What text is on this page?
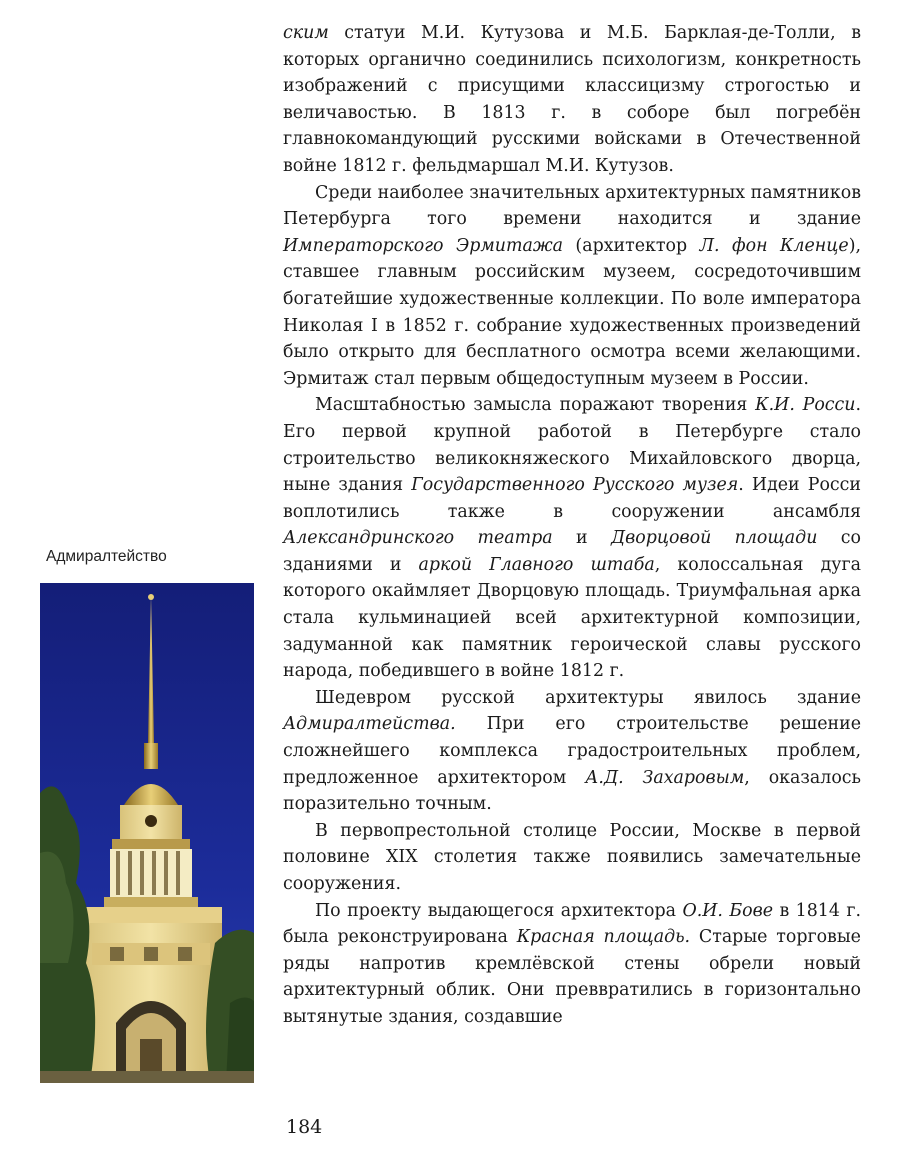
Адмиралтейство

ским статуи М.И. Кутузова и М.Б. Барклая-де-Толли, в которых органично соединились психологизм, конкретность изображений с присущими классицизму строгостью и величавостью. В 1813 г. в соборе был погребён главнокомандующий русскими войсками в Отечественной войне 1812 г. фельдмаршал М.И. Кутузов.

Среди наиболее значительных архитектурных памятников Петербурга того времени находится и здание Императорского Эрмитажа (архитектор Л. фон Кленце), ставшее главным российским музеем, сосредоточившим богатейшие художественные коллекции. По воле императора Николая I в 1852 г. собрание художественных произведений было открыто для бесплатного осмотра всеми желающими. Эрмитаж стал первым общедоступным музеем в России.

Масштабностью замысла поражают творения К.И. Росси. Его первой крупной работой в Петербурге стало строительство великокняжеского Михайловского дворца, ныне здания Государственного Русского музея. Идеи Росси воплотились также в сооружении ансамбля Александринского театра и Дворцовой площади со зданиями и аркой Главного штаба, колоссальная дуга которого окаймляет Дворцовую площадь. Триумфальная арка стала кульминацией всей архитектурной композиции, задуманной как памятник героической славы русского народа, победившего в войне 1812 г.

Шедевром русской архитектуры явилось здание Адмиралтейства. При его строительстве решение сложнейшего комплекса градостроительных проблем, предложенное архитектором А.Д. Захаровым, оказалось поразительно точным.

В первопрестольной столице России, Москве в первой половине XIX столетия также появились замечательные сооружения.

По проекту выдающегося архитектора О.И. Бове в 1814 г. была реконструирована Красная площадь. Старые торговые ряды напротив кремлёвской стены обрели новый архитектурный облик. Они преввратились в горизонтально вытянутые здания, создавшие

184
